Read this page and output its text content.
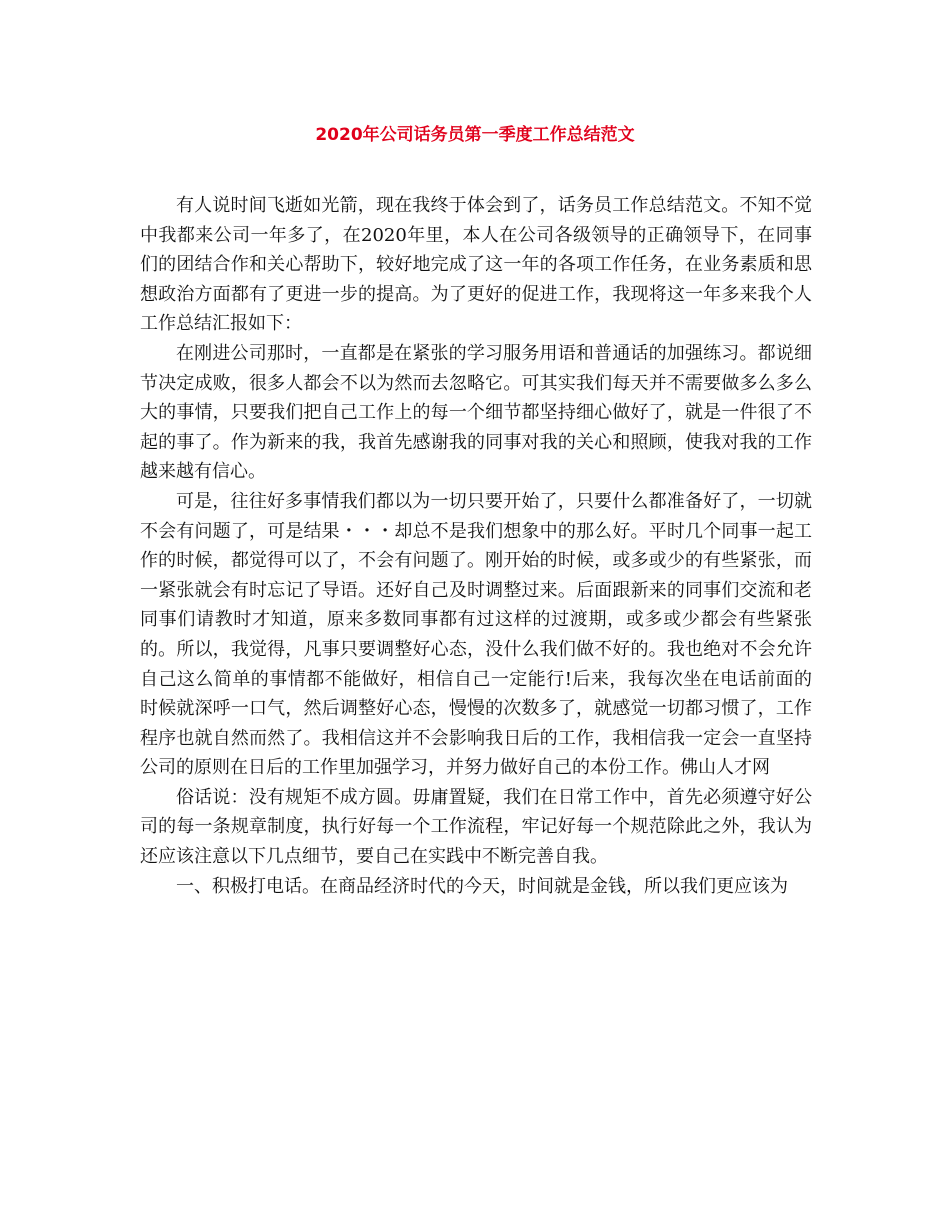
2020年公司话务员第一季度工作总结范文

有人说时间飞逝如光箭，现在我终于体会到了，话务员工作总结范文。不知不觉中我都来公司一年多了，在2020年里，本人在公司各级领导的正确领导下，在同事们的团结合作和关心帮助下，较好地完成了这一年的各项工作任务，在业务素质和思想政治方面都有了更进一步的提高。为了更好的促进工作，我现将这一年多来我个人工作总结汇报如下：

在刚进公司那时，一直都是在紧张的学习服务用语和普通话的加强练习。都说细节决定成败，很多人都会不以为然而去忽略它。可其实我们每天并不需要做多么多么大的事情，只要我们把自己工作上的每一个细节都坚持细心做好了，就是一件很了不起的事了。作为新来的我，我首先感谢我的同事对我的关心和照顾，使我对我的工作越来越有信心。

可是，往往好多事情我们都以为一切只要开始了，只要什么都准备好了，一切就不会有问题了，可是结果・・・却总不是我们想象中的那么好。平时几个同事一起工作的时候，都觉得可以了，不会有问题了。刚开始的时候，或多或少的有些紧张，而一紧张就会有时忘记了导语。还好自己及时调整过来。后面跟新来的同事们交流和老同事们请教时才知道，原来多数同事都有过这样的过渡期，或多或少都会有些紧张的。所以，我觉得，凡事只要调整好心态，没什么我们做不好的。我也绝对不会允许自己这么简单的事情都不能做好，相信自己一定能行!后来，我每次坐在电话前面的时候就深呼一口气，然后调整好心态，慢慢的次数多了，就感觉一切都习惯了，工作程序也就自然而然了。我相信这并不会影响我日后的工作，我相信我一定会一直坚持公司的原则在日后的工作里加强学习，并努力做好自己的本份工作。佛山人才网

俗话说：没有规矩不成方圆。毋庸置疑，我们在日常工作中，首先必须遵守好公司的每一条规章制度，执行好每一个工作流程，牢记好每一个规范除此之外，我认为还应该注意以下几点细节，要自己在实践中不断完善自我。

一、积极打电话。在商品经济时代的今天，时间就是金钱，所以我们更应该为
